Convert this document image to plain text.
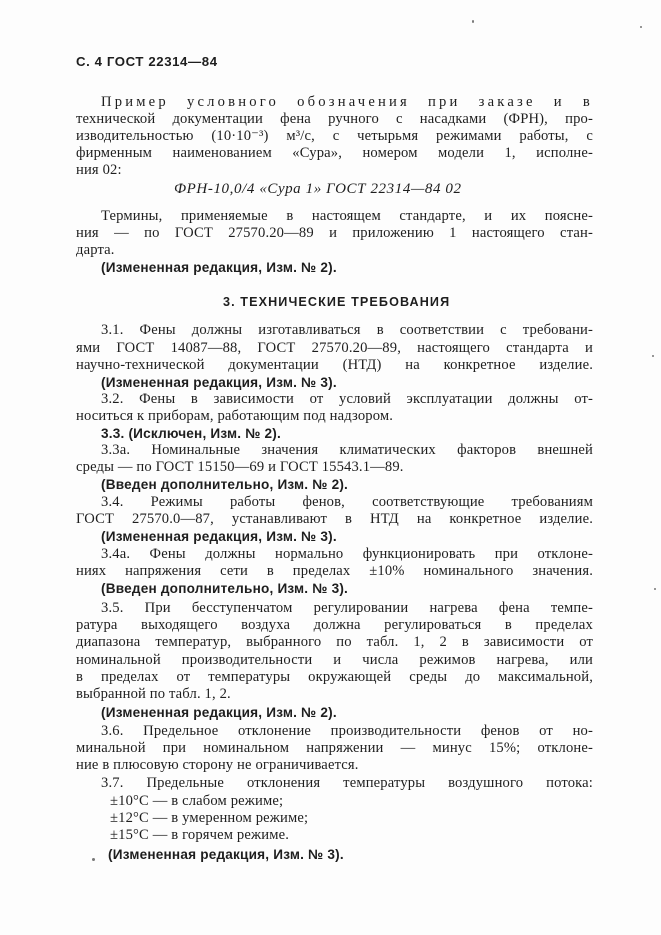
С. 4 ГОСТ 22314—84
Пример условного обозначения при заказе и в
технической документации фена ручного с насадками (ФРН), про-
изводительностью (10·10⁻³) м³/с, с четырьмя режимами работы, с
фирменным наименованием «Сура», номером модели 1, исполне-
ния 02:
ФРН-10,0/4 «Сура 1» ГОСТ 22314—84 02
Термины, применяемые в настоящем стандарте, и их поясне-
ния — по ГОСТ 27570.20—89 и приложению 1 настоящего стан-
дарта.
(Измененная редакция, Изм. № 2).
3. ТЕХНИЧЕСКИЕ ТРЕБОВАНИЯ
3.1. Фены должны изготавливаться в соответствии с требовани-
ями ГОСТ 14087—88, ГОСТ 27570.20—89, настоящего стандарта и
научно-технической документации (НТД) на конкретное изделие.
(Измененная редакция, Изм. № 3).
3.2. Фены в зависимости от условий эксплуатации должны от-
носиться к приборам, работающим под надзором.
3.3. (Исключен, Изм. № 2).
3.3а. Номинальные значения климатических факторов внешней
среды — по ГОСТ 15150—69 и ГОСТ 15543.1—89.
(Введен дополнительно, Изм. № 2).
3.4. Режимы работы фенов, соответствующие требованиям
ГОСТ 27570.0—87, устанавливают в НТД на конкретное изделие.
(Измененная редакция, Изм. № 3).
3.4а. Фены должны нормально функционировать при отклоне-
ниях напряжения сети в пределах ±10% номинального значения.
(Введен дополнительно, Изм. № 3).
3.5. При бесступенчатом регулировании нагрева фена темпе-
ратура выходящего воздуха должна регулироваться в пределах
диапазона температур, выбранного по табл. 1, 2 в зависимости от
номинальной производительности и числа режимов нагрева, или
в пределах от температуры окружающей среды до максимальной,
выбранной по табл. 1, 2.
(Измененная редакция, Изм. № 2).
3.6. Предельное отклонение производительности фенов от но-
минальной при номинальном напряжении — минус 15%; отклоне-
ние в плюсовую сторону не ограничивается.
3.7. Предельные отклонения температуры воздушного потока:
±10°С — в слабом режиме;
±12°С — в умеренном режиме;
±15°С — в горячем режиме.
(Измененная редакция, Изм. № 3).
